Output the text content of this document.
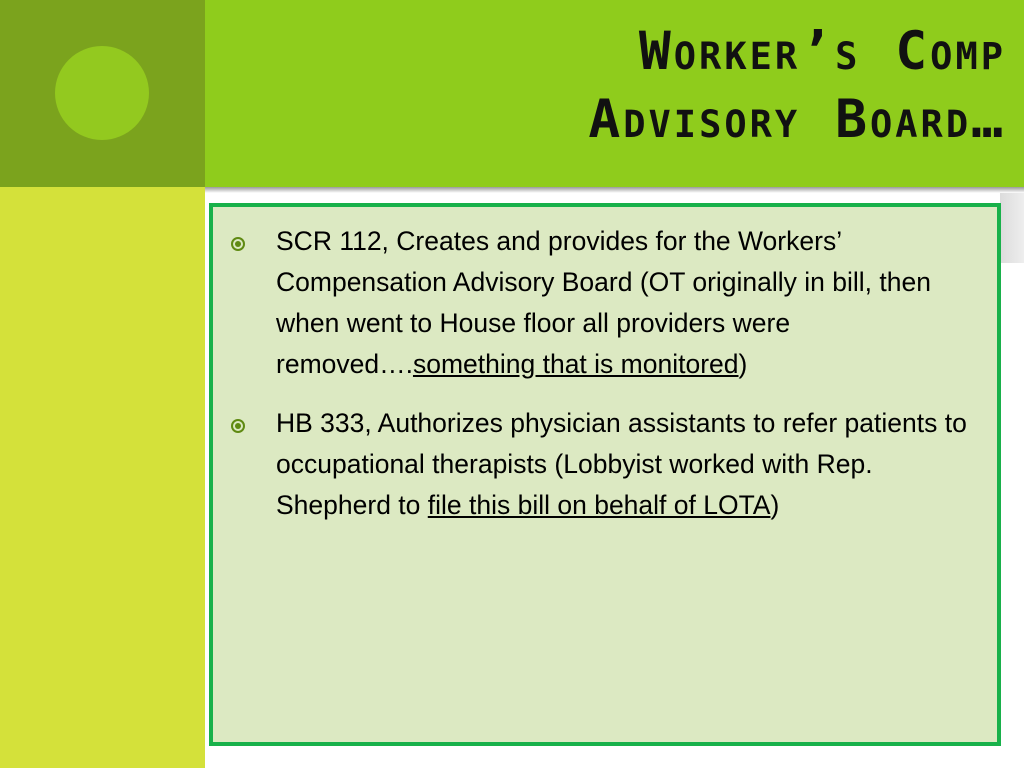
Worker’s Comp
Advisory Board…
SCR 112, Creates and provides for the Workers’ Compensation Advisory Board (OT originally in bill, then when went to House floor all providers were removed….something that is monitored)
HB 333, Authorizes physician assistants to refer patients to occupational therapists (Lobbyist worked with Rep. Shepherd to file this bill on behalf of LOTA)
